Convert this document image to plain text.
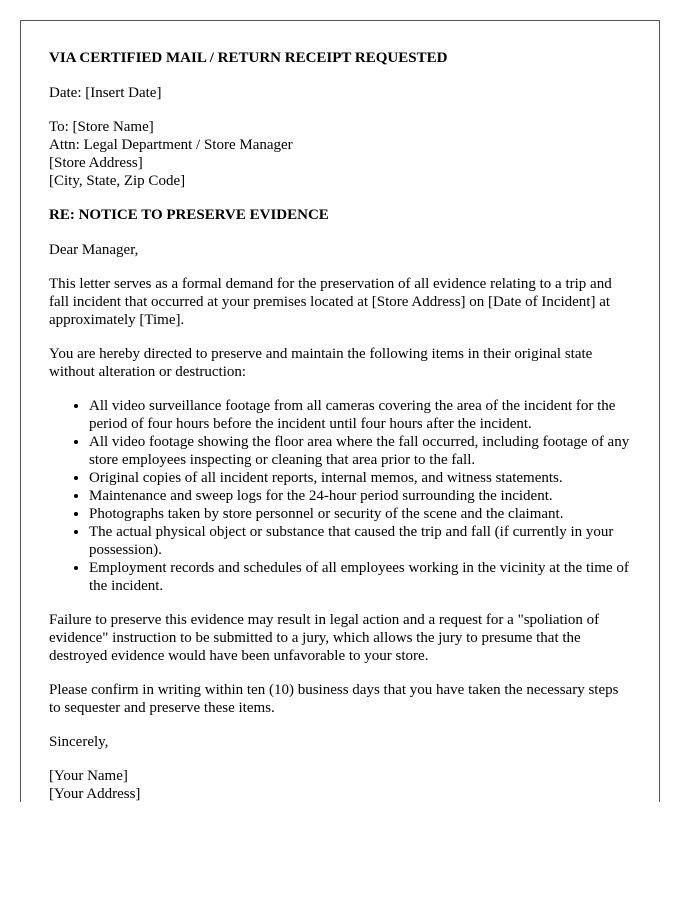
VIA CERTIFIED MAIL / RETURN RECEIPT REQUESTED

Date: [Insert Date]

To: [Store Name]
Attn: Legal Department / Store Manager
[Store Address]
[City, State, Zip Code]

RE: NOTICE TO PRESERVE EVIDENCE

Dear Manager,

This letter serves as a formal demand for the preservation of all evidence relating to a trip and fall incident that occurred at your premises located at [Store Address] on [Date of Incident] at approximately [Time].

You are hereby directed to preserve and maintain the following items in their original state without alteration or destruction:

• All video surveillance footage from all cameras covering the area of the incident for the period of four hours before the incident until four hours after the incident.
• All video footage showing the floor area where the fall occurred, including footage of any store employees inspecting or cleaning that area prior to the fall.
• Original copies of all incident reports, internal memos, and witness statements.
• Maintenance and sweep logs for the 24-hour period surrounding the incident.
• Photographs taken by store personnel or security of the scene and the claimant.
• The actual physical object or substance that caused the trip and fall (if currently in your possession).
• Employment records and schedules of all employees working in the vicinity at the time of the incident.

Failure to preserve this evidence may result in legal action and a request for a "spoliation of evidence" instruction to be submitted to a jury, which allows the jury to presume that the destroyed evidence would have been unfavorable to your store.

Please confirm in writing within ten (10) business days that you have taken the necessary steps to sequester and preserve these items.

Sincerely,

[Your Name]
[Your Address]
